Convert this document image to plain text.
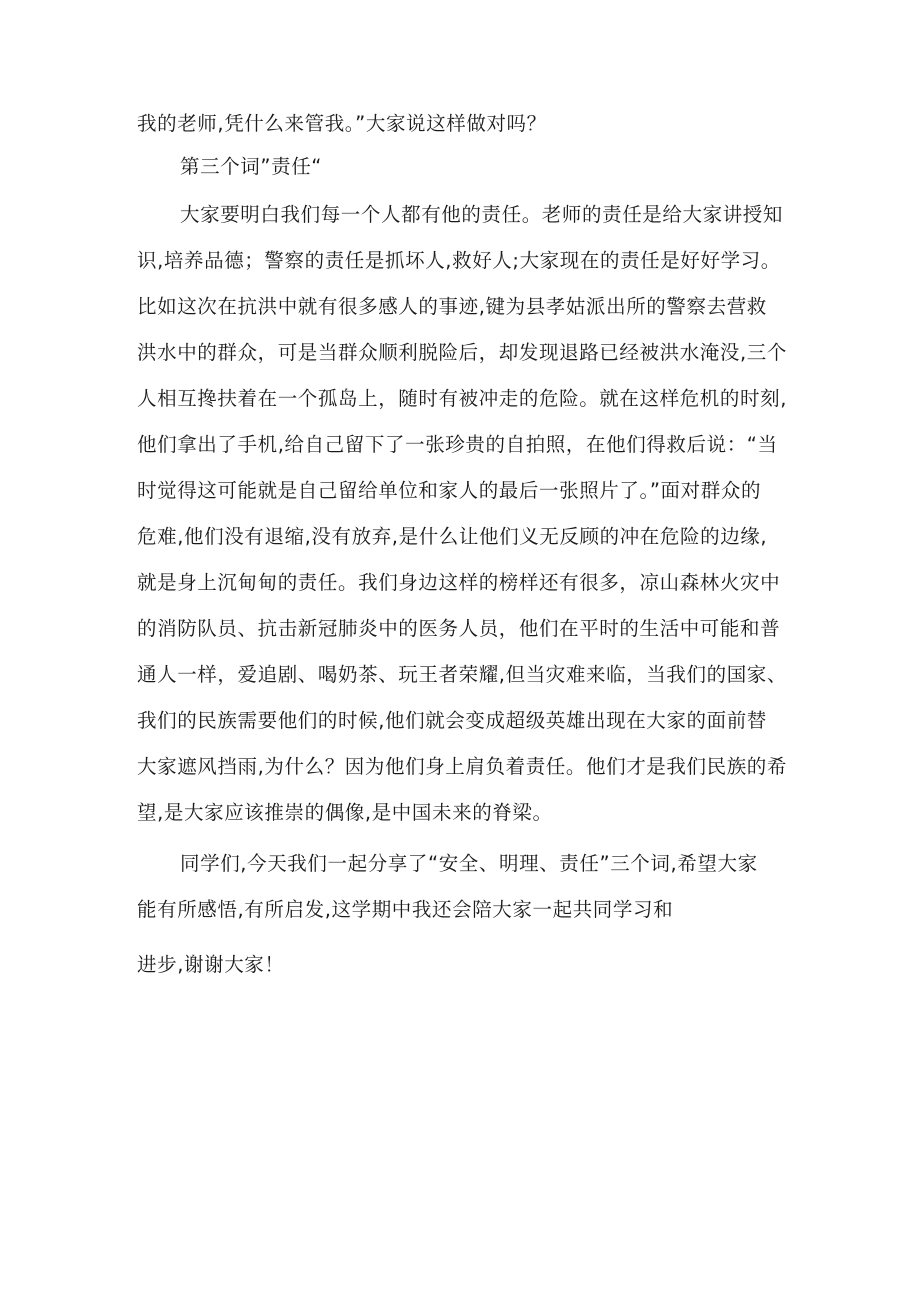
我的老师,凭什么来管我。”大家说这样做对吗？
第三个词”责任“
大家要明白我们每一个人都有他的责任。老师的责任是给大家讲授知
识,培养品德；警察的责任是抓坏人,救好人;大家现在的责任是好好学习。
比如这次在抗洪中就有很多感人的事迹,键为县孝姑派出所的警察去营救
洪水中的群众，可是当群众顺利脱险后，却发现退路已经被洪水淹没,三个
人相互搀扶着在一个孤岛上，随时有被冲走的危险。就在这样危机的时刻,
他们拿出了手机,给自己留下了一张珍贵的自拍照，在他们得救后说：“当
时觉得这可能就是自己留给单位和家人的最后一张照片了。”面对群众的
危难,他们没有退缩,没有放弃,是什么让他们义无反顾的冲在危险的边缘,
就是身上沉甸甸的责任。我们身边这样的榜样还有很多，凉山森林火灾中
的消防队员、抗击新冠肺炎中的医务人员，他们在平时的生活中可能和普
通人一样，爱追剧、喝奶茶、玩王者荣耀,但当灾难来临，当我们的国家、
我们的民族需要他们的时候,他们就会变成超级英雄出现在大家的面前替
大家遮风挡雨,为什么？因为他们身上肩负着责任。他们才是我们民族的希
望,是大家应该推崇的偶像,是中国未来的脊梁。
同学们,今天我们一起分享了“安全、明理、责任”三个词,希望大家
能有所感悟,有所启发,这学期中我还会陪大家一起共同学习和
进步,谢谢大家！
